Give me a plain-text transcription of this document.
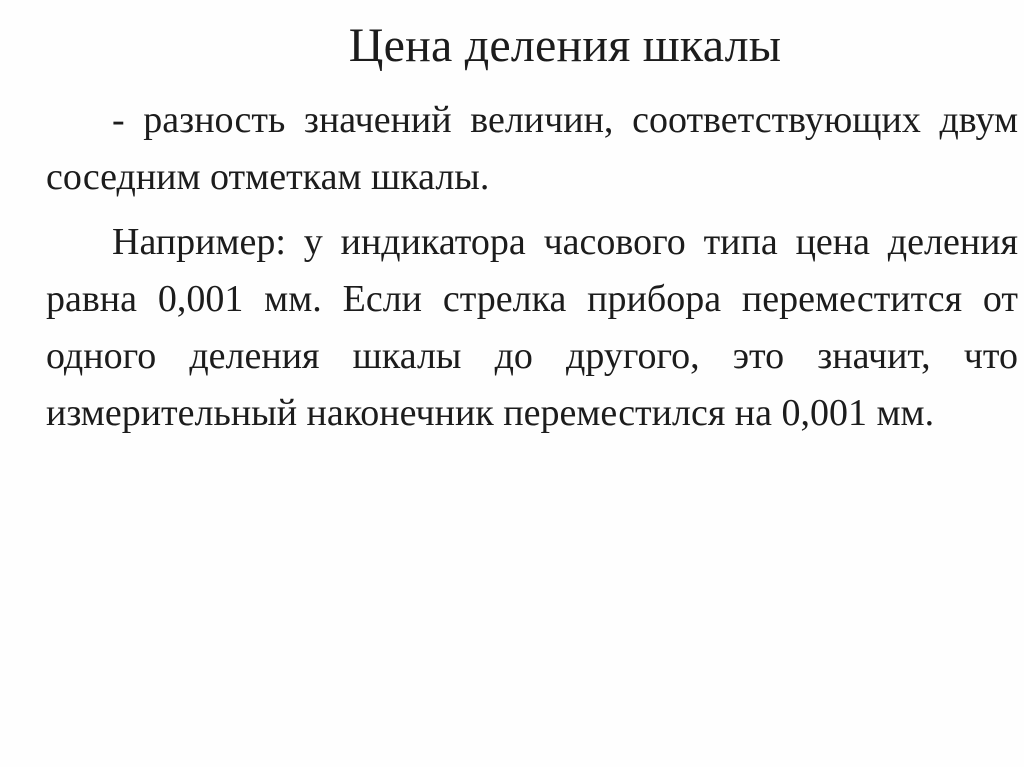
Цена деления шкалы

- разность значений величин, соответствующих двум соседним отметкам шкалы.

Например: у индикатора часового типа цена деления равна 0,001 мм. Если стрелка прибора переместится от одного деления шкалы до другого, это значит, что измерительный наконечник переместился на 0,001 мм.
